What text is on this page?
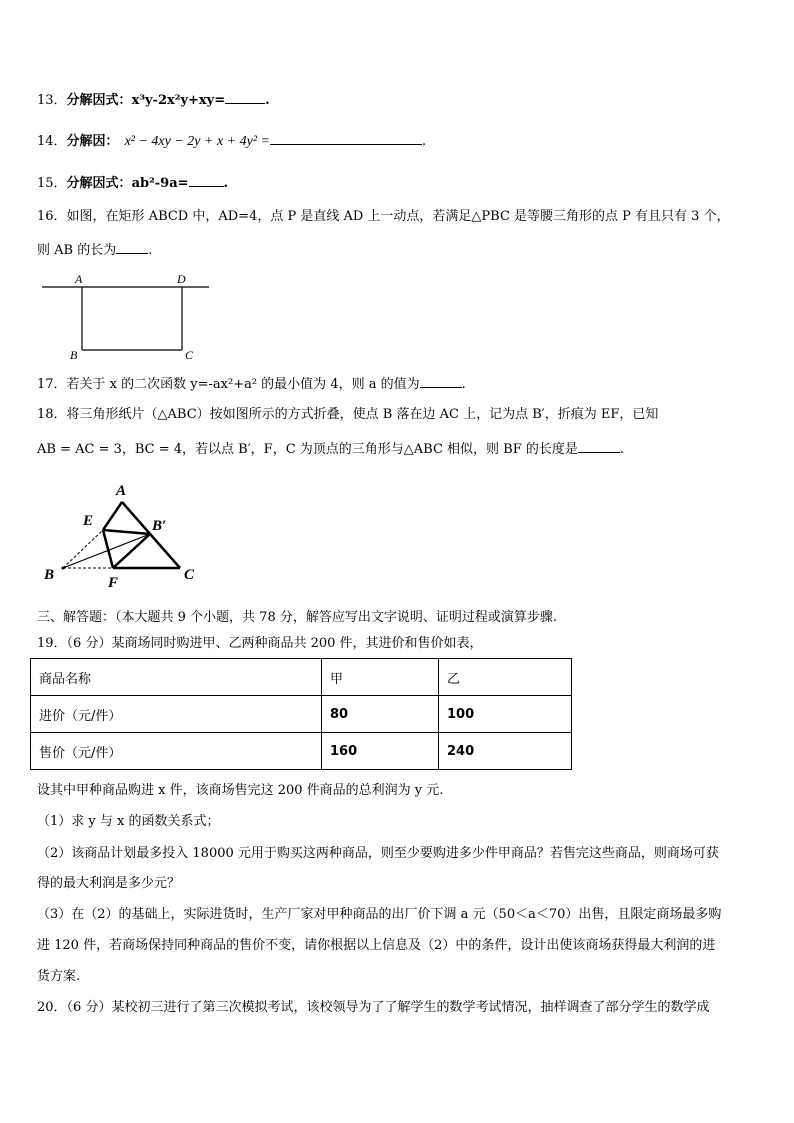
13．分解因式：x³y-2x²y+xy=	.
14．分解因： x² − 4xy − 2y + x + 4y² =	.
15．分解因式：ab²-9a=	.
16．如图，在矩形 ABCD 中，AD=4，点 P 是直线 AD 上一动点，若满足△PBC 是等腰三角形的点 P 有且只有 3 个，
则 AB 的长为 .
A	D
B	C
17．若关于 x 的二次函数 y=-ax²+a² 的最小值为 4，则 a 的值为	.
18．将三角形纸片（△ABC）按如图所示的方式折叠，使点 B 落在边 AC 上，记为点 B′，折痕为 EF，已知
AB = AC = 3，BC = 4，若以点 B′，F，C 为顶点的三角形与△ABC 相似，则 BF 的长度是	.
A
E	B′
B	F	C
三、解答题：（本大题共 9 个小题，共 78 分，解答应写出文字说明、证明过程或演算步骤.
19．（6 分）某商场同时购进甲、乙两种商品共 200 件，其进价和售价如表，
商品名称	甲	乙
进价（元/件）	80	100
售价（元/件）	160	240
设其中甲种商品购进 x 件，该商场售完这 200 件商品的总利润为 y 元.
（1）求 y 与 x 的函数关系式；
（2）该商品计划最多投入 18000 元用于购买这两种商品，则至少要购进多少件甲商品？若售完这些商品，则商场可获
得的最大利润是多少元？
（3）在（2）的基础上，实际进货时，生产厂家对甲种商品的出厂价下调 a 元（50＜a＜70）出售，且限定商场最多购
进 120 件，若商场保持同种商品的售价不变，请你根据以上信息及（2）中的条件，设计出使该商场获得最大利润的进
货方案.
20．（6 分）某校初三进行了第三次模拟考试，该校领导为了了解学生的数学考试情况，抽样调查了部分学生的数学成
